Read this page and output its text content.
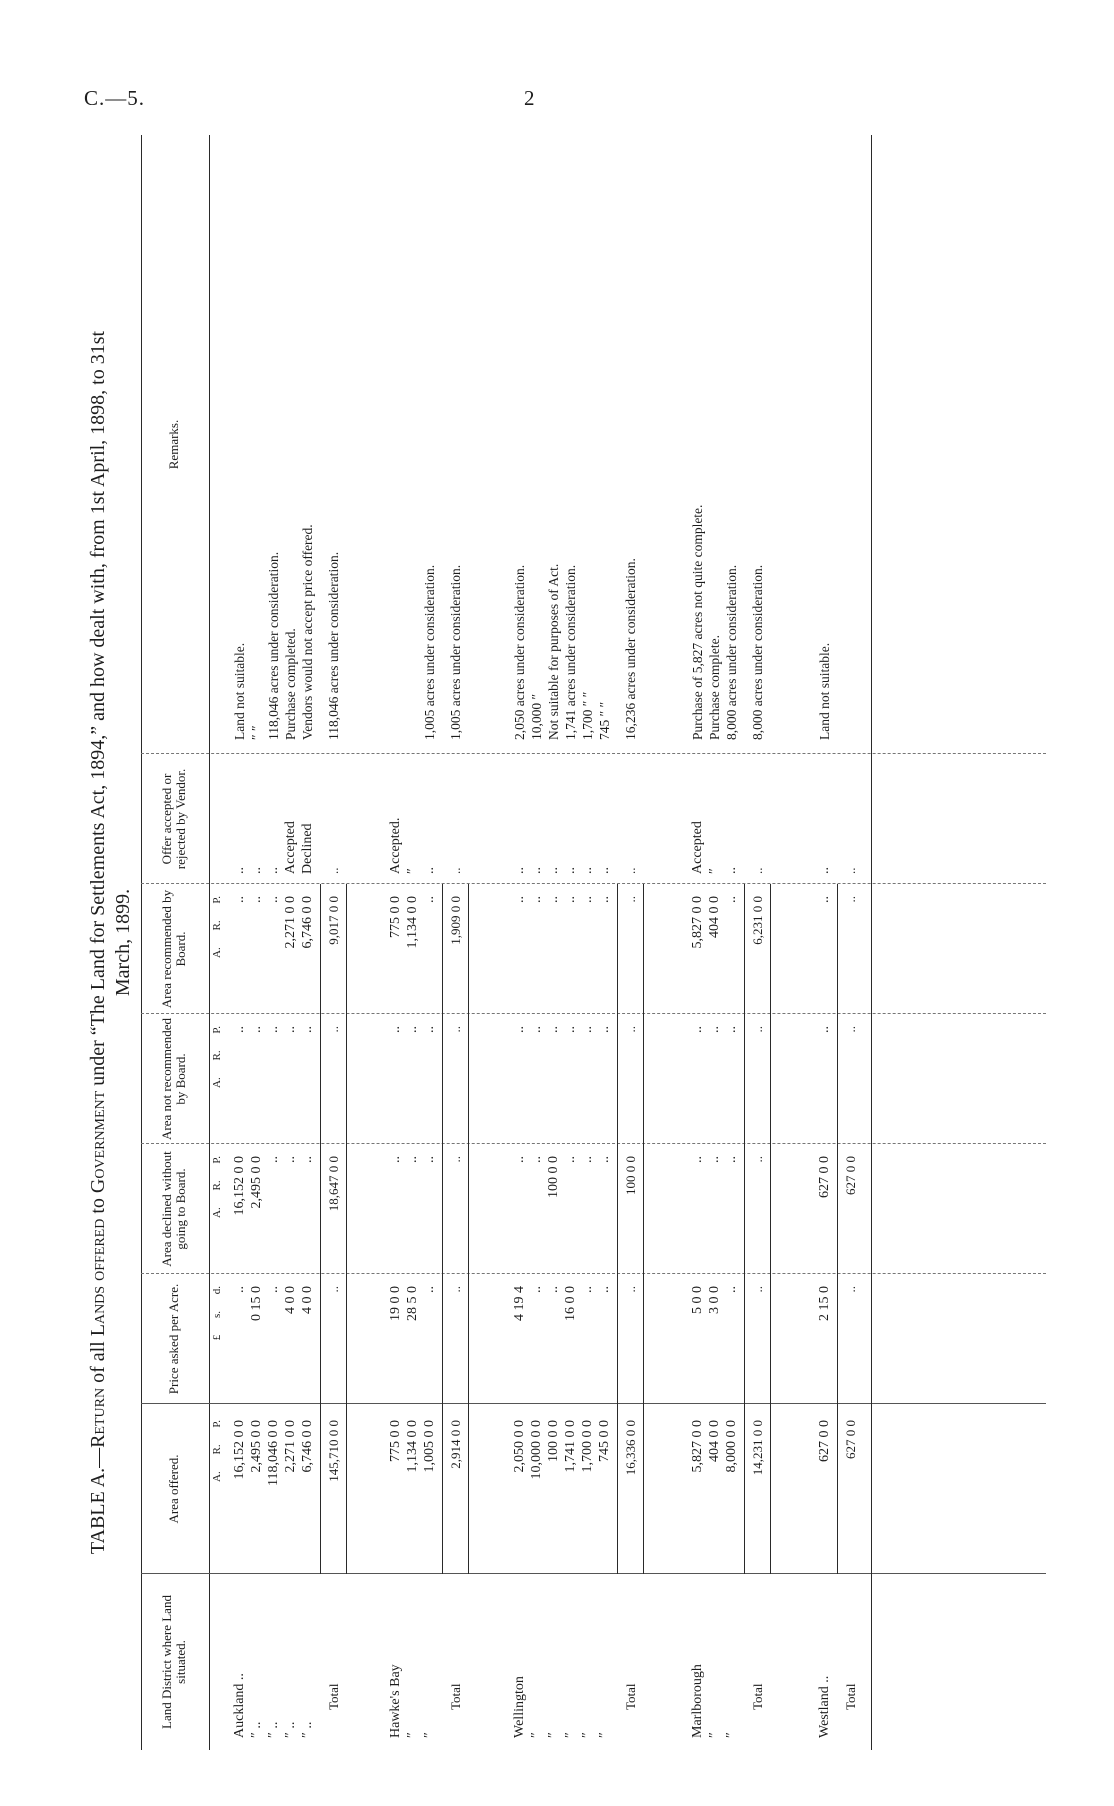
C.—5.	2
TABLE A.—Return of all Lands offered to Government under “The Land for Settlements Act, 1894,” and how dealt with, from 1st April, 1898, to 31st March, 1899.
Land District where Land situated.
Area offered.
Price asked per Acre.
Area declined without going to Board.
Area not recommended by Board.
Area recommended by Board.
Offer accepted or rejected by Vendor.
Remarks.
A. R. P.
£ s. d.
A. R. P.
A. R. P.
A. R. P.
Auckland ..
16,152 0 0
..
16,152 0 0
..
..
..
Land not suitable.
″ ..
2,495 0 0
0 15 0
2,495 0 0
..
..
..
″ ″
″ ..
118,046 0 0
..
..
..
..
..
118,046 acres under consideration.
″ ..
2,271 0 0
4 0 0
..
..
2,271 0 0
Accepted
Purchase completed.
″ ..
6,746 0 0
4 0 0
..
..
6,746 0 0
Declined
Vendors would not accept price offered.
Total
145,710 0 0
..
18,647 0 0
..
9,017 0 0
..
118,046 acres under consideration.
Hawke's Bay
775 0 0
19 0 0
..
..
775 0 0
Accepted.
″
1,134 0 0
28 5 0
..
..
1,134 0 0
″
″
1,005 0 0
..
..
..
..
..
1,005 acres under consideration.
Total
2,914 0 0
..
..
..
1,909 0 0
..
1,005 acres under consideration.
Wellington
2,050 0 0
4 19 4
..
..
..
..
2,050 acres under consideration.
″
10,000 0 0
..
..
..
..
..
10,000 ″
″
100 0 0
..
100 0 0
..
..
..
Not suitable for purposes of Act.
″
1,741 0 0
16 0 0
..
..
..
..
1,741 acres under consideration.
″
1,700 0 0
..
..
..
..
..
1,700 ″ ″
″
745 0 0
..
..
..
..
..
745 ″ ″
Total
16,336 0 0
..
100 0 0
..
..
..
16,236 acres under consideration.
Marlborough
5,827 0 0
5 0 0
..
..
5,827 0 0
Accepted
Purchase of 5,827 acres not quite complete.
″
404 0 0
3 0 0
..
..
404 0 0
″
Purchase complete.
″
8,000 0 0
..
..
..
..
..
8,000 acres under consideration.
Total
14,231 0 0
..
..
..
6,231 0 0
..
8,000 acres under consideration.
Westland ..
627 0 0
2 15 0
627 0 0
..
..
..
Land not suitable.
Total
627 0 0
..
627 0 0
..
..
..
